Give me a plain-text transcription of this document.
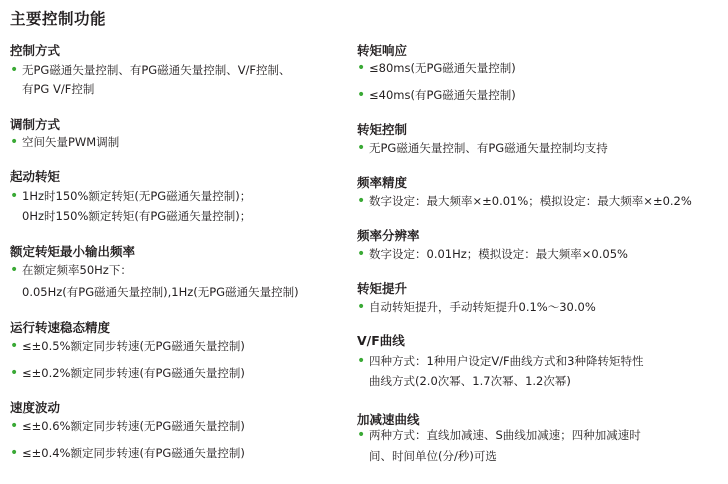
主要控制功能
控制方式
• 无PG磁通矢量控制、有PG磁通矢量控制、V/F控制、
有PG V/F控制
调制方式
• 空间矢量PWM调制
起动转矩
• 1Hz时150%额定转矩(无PG磁通矢量控制)；
0Hz时150%额定转矩(有PG磁通矢量控制)；
额定转矩最小输出频率
• 在额定频率50Hz下：
0.05Hz(有PG磁通矢量控制),1Hz(无PG磁通矢量控制)
运行转速稳态精度
• ≤±0.5%额定同步转速(无PG磁通矢量控制)
• ≤±0.2%额定同步转速(有PG磁通矢量控制)
速度波动
• ≤±0.6%额定同步转速(无PG磁通矢量控制)
• ≤±0.4%额定同步转速(有PG磁通矢量控制)
转矩响应
• ≤80ms(无PG磁通矢量控制)
• ≤40ms(有PG磁通矢量控制)
转矩控制
• 无PG磁通矢量控制、有PG磁通矢量控制均支持
频率精度
• 数字设定：最大频率×±0.01%；模拟设定：最大频率×±0.2%
频率分辨率
• 数字设定：0.01Hz；模拟设定：最大频率×0.05%
转矩提升
• 自动转矩提升，手动转矩提升0.1%～30.0%
V/F曲线
• 四种方式：1种用户设定V/F曲线方式和3种降转矩特性
曲线方式(2.0次幂、1.7次幂、1.2次幂)
加减速曲线
• 两种方式：直线加减速、S曲线加减速；四种加减速时
间、时间单位(分/秒)可选
